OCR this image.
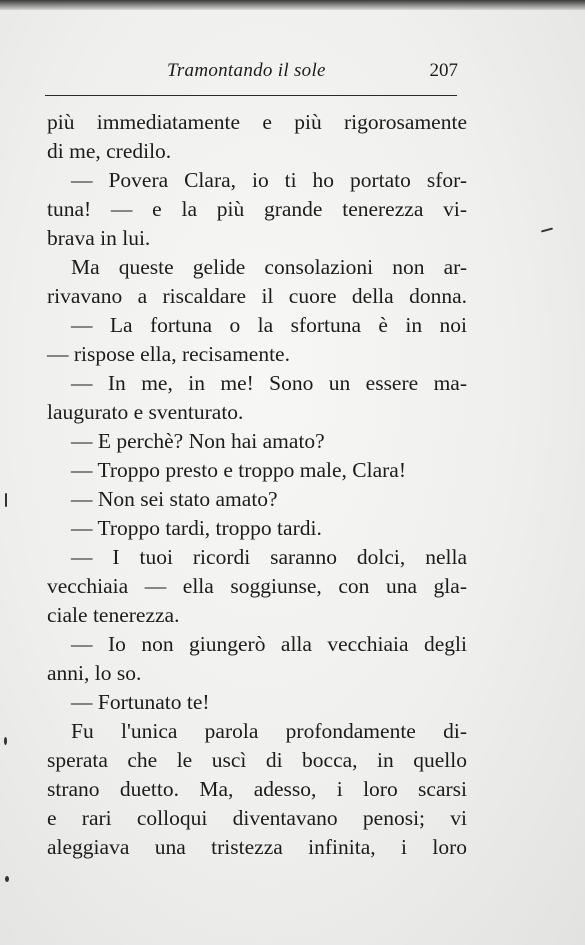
Tramontando il sole	207
più immediatamente e più rigorosamente
di me, credilo.
— Povera Clara, io ti ho portato sfor-
tuna! — e la più grande tenerezza vi-
brava in lui.
Ma queste gelide consolazioni non ar-
rivavano a riscaldare il cuore della donna.
— La fortuna o la sfortuna è in noi
— rispose ella, recisamente.
— In me, in me! Sono un essere ma-
laugurato e sventurato.
— E perchè? Non hai amato?
— Troppo presto e troppo male, Clara!
— Non sei stato amato?
— Troppo tardi, troppo tardi.
— I tuoi ricordi saranno dolci, nella
vecchiaia — ella soggiunse, con una gla-
ciale tenerezza.
— Io non giungerò alla vecchiaia degli
anni, lo so.
— Fortunato te!
Fu l'unica parola profondamente di-
sperata che le uscì di bocca, in quello
strano duetto. Ma, adesso, i loro scarsi
e rari colloqui diventavano penosi; vi
aleggiava una tristezza infinita, i loro
